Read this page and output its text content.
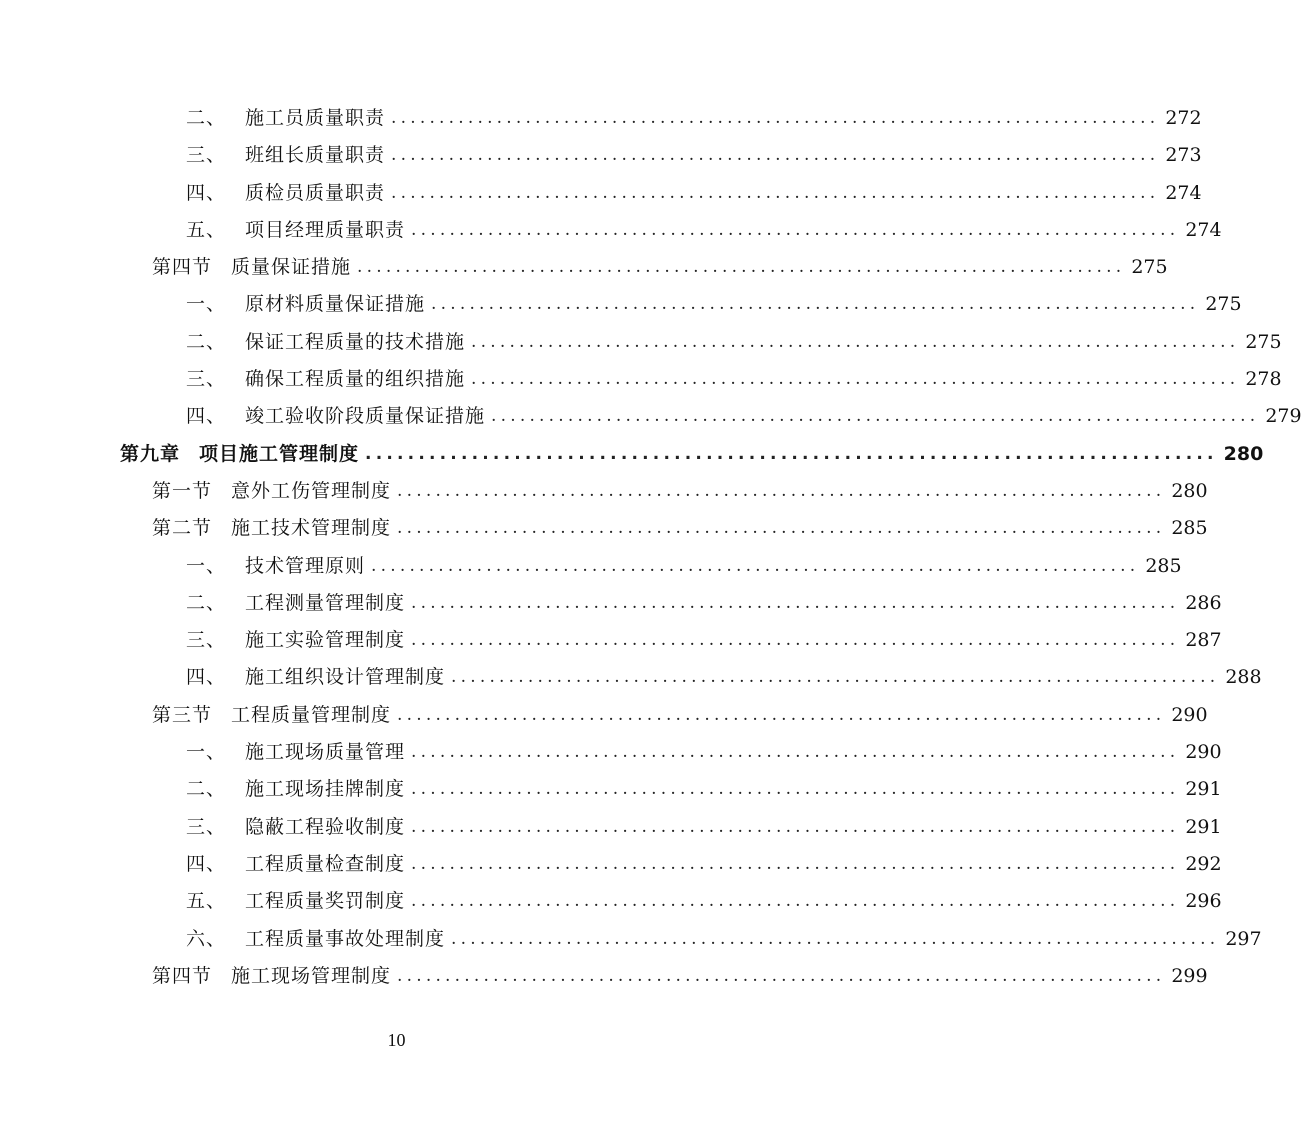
二、 施工员质量职责 ................................................................................ 272
三、 班组长质量职责 ................................................................................ 273
四、 质检员质量职责 ................................................................................ 274
五、 项目经理质量职责 ................................................................................ 274
第四节 质量保证措施 ................................................................................ 275
一、 原材料质量保证措施 ................................................................................ 275
二、 保证工程质量的技术措施 ................................................................................ 275
三、 确保工程质量的组织措施 ................................................................................ 278
四、 竣工验收阶段质量保证措施 ................................................................................ 279
第九章 项目施工管理制度 ................................................................................ 280
第一节 意外工伤管理制度 ................................................................................ 280
第二节 施工技术管理制度 ................................................................................ 285
一、 技术管理原则 ................................................................................ 285
二、 工程测量管理制度 ................................................................................ 286
三、 施工实验管理制度 ................................................................................ 287
四、 施工组织设计管理制度 ................................................................................ 288
第三节 工程质量管理制度 ................................................................................ 290
一、 施工现场质量管理 ................................................................................ 290
二、 施工现场挂牌制度 ................................................................................ 291
三、 隐蔽工程验收制度 ................................................................................ 291
四、 工程质量检查制度 ................................................................................ 292
五、 工程质量奖罚制度 ................................................................................ 296
六、 工程质量事故处理制度 ................................................................................ 297
第四节 施工现场管理制度 ................................................................................ 299
10
